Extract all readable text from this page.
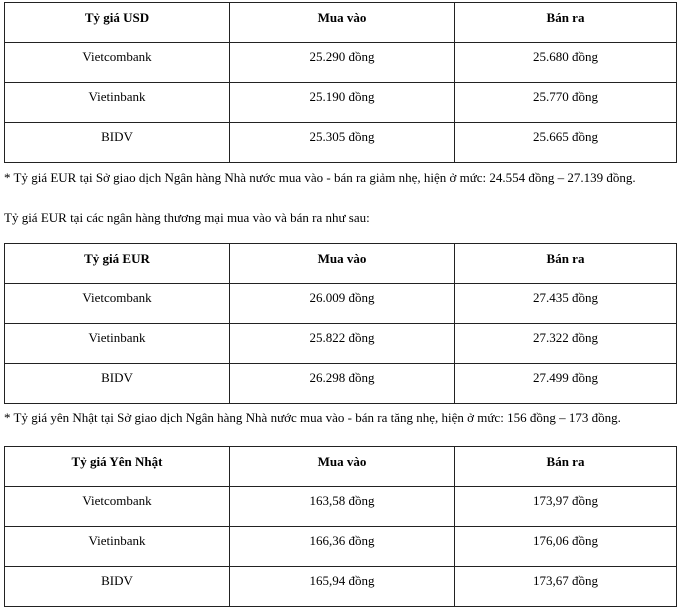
Tỷ giá USD	Mua vào	Bán ra
Vietcombank	25.290 đồng	25.680 đồng
Vietinbank	25.190 đồng	25.770 đồng
BIDV	25.305 đồng	25.665 đồng
* Tỷ giá EUR tại Sở giao dịch Ngân hàng Nhà nước mua vào - bán ra giảm nhẹ, hiện ở mức: 24.554 đồng – 27.139 đồng.
Tỷ giá EUR tại các ngân hàng thương mại mua vào và bán ra như sau:
Tỷ giá EUR	Mua vào	Bán ra
Vietcombank	26.009 đồng	27.435 đồng
Vietinbank	25.822 đồng	27.322 đồng
BIDV	26.298 đồng	27.499 đồng
* Tỷ giá yên Nhật tại Sở giao dịch Ngân hàng Nhà nước mua vào - bán ra tăng nhẹ, hiện ở mức: 156 đồng – 173 đồng.
Tỷ giá Yên Nhật	Mua vào	Bán ra
Vietcombank	163,58 đồng	173,97 đồng
Vietinbank	166,36 đồng	176,06 đồng
BIDV	165,94 đồng	173,67 đồng
